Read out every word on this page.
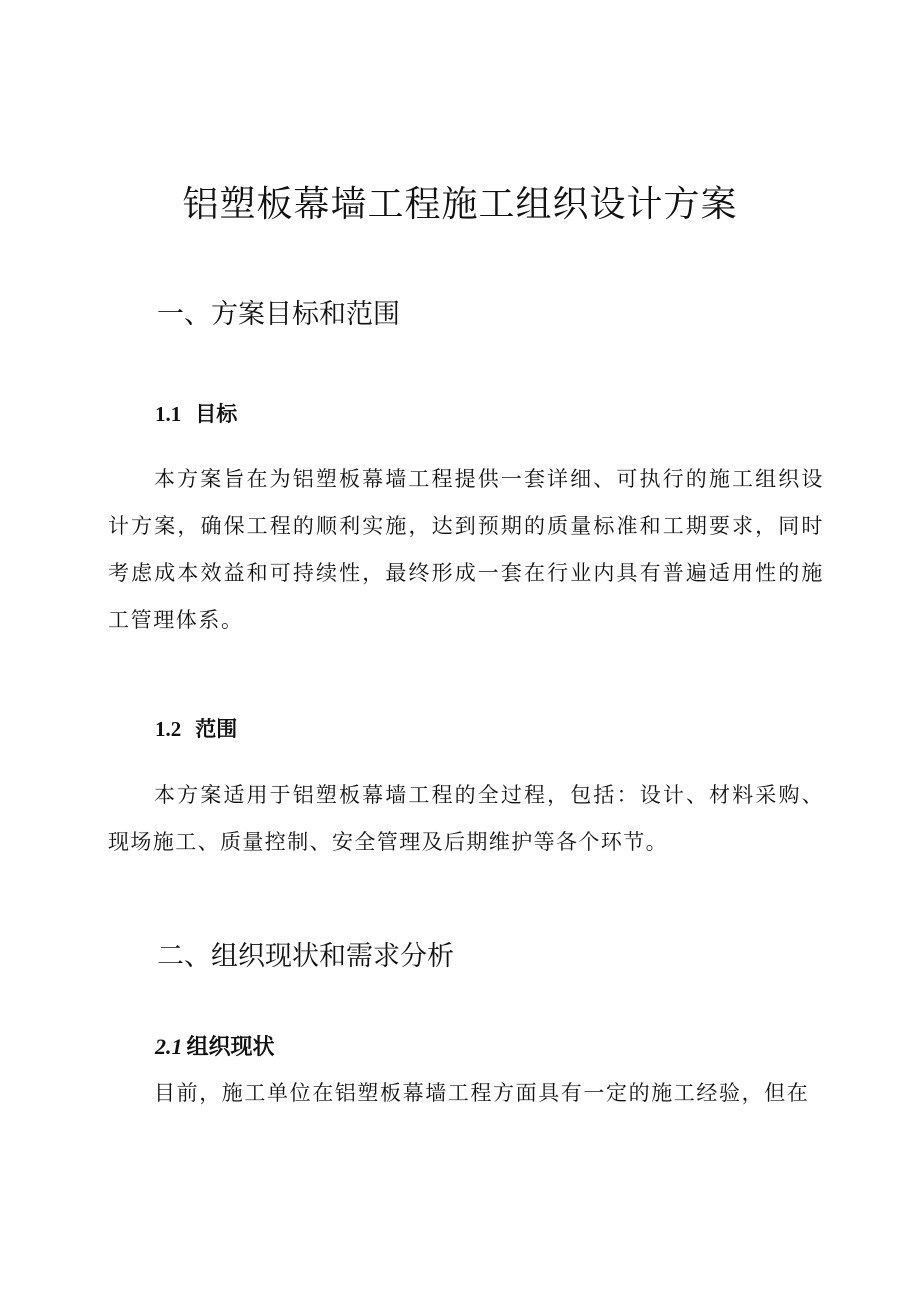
铝塑板幕墙工程施工组织设计方案
一、方案目标和范围
1.1 目标

本方案旨在为铝塑板幕墙工程提供一套详细、可执行的施工组织设计方案，确保工程的顺利实施，达到预期的质量标准和工期要求，同时考虑成本效益和可持续性，最终形成一套在行业内具有普遍适用性的施工管理体系。

1.2 范围

本方案适用于铝塑板幕墙工程的全过程，包括：设计、材料采购、现场施工、质量控制、安全管理及后期维护等各个环节。

二、组织现状和需求分析
2.1 组织现状

目前，施工单位在铝塑板幕墙工程方面具有一定的施工经验，但在
